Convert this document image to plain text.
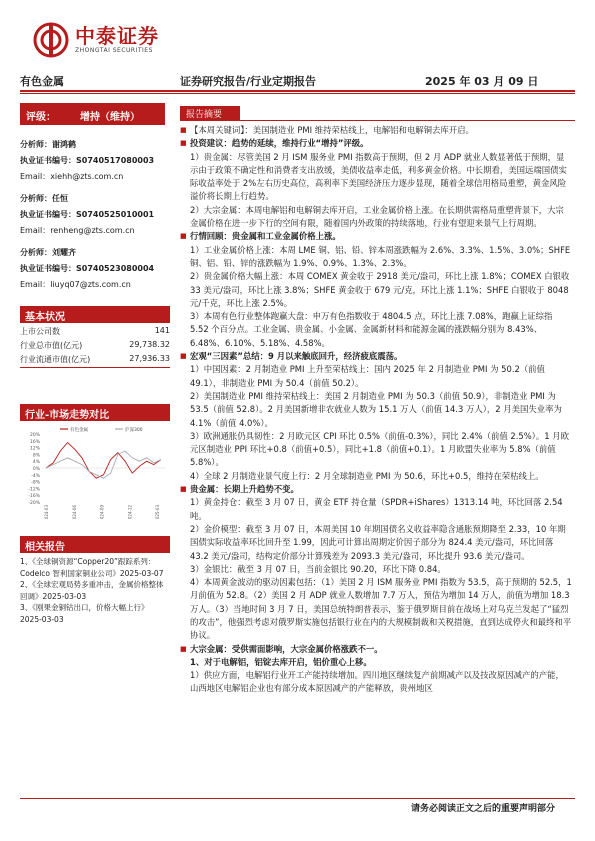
中泰证券
ZHONGTAI SECURITIES
有色金属	证券研究报告/行业定期报告	2025 年 03 月 09 日
评级： 增持（维持）
分析师：谢鸿鹤
执业证书编号：S0740517080003
Email：xiehh@zts.com.cn
分析师：任恒
执业证书编号：S0740525010001
Email：renheng@zts.com.cn
分析师：刘耀齐
执业证书编号：S0740523080004
Email：liuyq07@zts.com.cn
基本状况
上市公司数	141
行业总市值(亿元)	29,738.32
行业流通市值(亿元)	27,936.33
行业-市场走势对比
20%
16%
12%
8%
4%
0%
-4%
-8%
-12%
-16%
-20%
2024-03	2024-06	2024-09	2024-12	2025-03
有色金属	沪深300
相关报告
1、《全球铜资源“Copper20”跟踪系列：Codelco 智利国家铜业公司》2025-03-07
2、《全球宏观局势多重冲击，金属价格整体回调》2025-03-03
3、《刚果金铜钴出口，价格大幅上行》2025-03-03
报告摘要
■ 【本周关键词】：美国制造业 PMI 维持荣枯线上，电解铝和电解铜去库开启。
■ 投资建议：趋势的延续，维持行业“增持”评级。
1）贵金属：尽管美国 2 月 ISM 服务业 PMI 指数高于预期，但 2 月 ADP 就业人数显著低于预期，显示由于政策不确定性和消费者支出放缓，美债收益率走低，利多黄金价格。中长期看，美国远端国债实际收益率处于 2%左右历史高位，高利率下美国经济压力逐步显现，随着全球信用格局重塑，黄金风险溢价将长期上行趋势。
2）大宗金属：本周电解铝和电解铜去库开启，工业金属价格上涨。在长期供需格局重塑背景下，大宗金属价格在进一步下行的空间有限，随着国内外政策的持续落地，行业有望迎来景气上行周期。
■ 行情回顾：贵金属和工业金属价格上涨。
1）工业金属价格上涨：本周 LME 铜、铝、铅、锌本周涨跌幅为 2.6%、3.3%、1.5%、3.0%；SHFE 铜、铝、铅、锌的涨跌幅为 1.9%、0.9%、1.3%、2.3%。
2）贵金属价格大幅上涨：本周 COMEX 黄金收于 2918 美元/盎司，环比上涨 1.8%；COMEX 白银收 33 美元/盎司，环比上涨 3.8%；SHFE 黄金收于 679 元/克，环比上涨 1.1%；SHFE 白银收于 8048 元/千克，环比上涨 2.5%。
3）本周有色行业整体跑赢大盘：申万有色指数收于 4804.5 点，环比上涨 7.08%，跑赢上证综指 5.52 个百分点。工业金属、贵金属、小金属、金属新材料和能源金属的涨跌幅分别为 8.43%、6.48%、6.10%、5.18%、4.58%。
■ 宏观“三因素”总结：9 月以来触底回升，经济疲底震荡。
1）中国因素：2 月制造业 PMI 上升至荣枯线上：国内 2025 年 2 月制造业 PMI 为 50.2（前值 49.1），非制造业 PMI 为 50.4（前值 50.2）。
2）美国制造业 PMI 维持荣枯线上：美国 2 月制造业 PMI 为 50.3（前值 50.9），非制造业 PMI 为 53.5（前值 52.8）。2 月美国新增非农就业人数为 15.1 万人（前值 14.3 万人），2 月美国失业率为 4.1%（前值 4.0%）。
3）欧洲通胀仍具韧性：2 月欧元区 CPI 环比 0.5%（前值-0.3%），同比 2.4%（前值 2.5%）。1 月欧元区制造业 PPI 环比+0.8（前值+0.5），同比+1.8（前值+0.1）。1 月欧盟失业率为 5.8%（前值 5.8%）。
4）全球 2 月制造业景气度上行：2 月全球制造业 PMI 为 50.6，环比+0.5，维持在荣枯线上。
■ 贵金属：长期上升趋势不变。
1）黄金持仓：截至 3 月 07 日，黄金 ETF 持仓量（SPDR+iShares）1313.14 吨，环比回落 2.54 吨。
2）金价模型：截至 3 月 07 日，本周美国 10 年期国债名义收益率隐含通胀预期降至 2.33，10 年期国债实际收益率环比回升至 1.99，因此可计算出周期定价因子部分为 824.4 美元/盎司，环比回落 43.2 美元/盎司，结构定价部分计算残差为 2093.3 美元/盎司，环比提升 93.6 美元/盎司。
3）金银比：截至 3 月 07 日，当前金银比 90.20，环比下降 0.84。
4）本周黄金波动的驱动因素包括：（1）美国 2 月 ISM 服务业 PMI 指数为 53.5，高于预期的 52.5，1 月前值为 52.8。（2）美国 2 月 ADP 就业人数增加 7.7 万人，预估为增加 14 万人，前值为增加 18.3 万人。（3）当地时间 3 月 7 日，美国总统特朗普表示，鉴于俄罗斯目前在战场上对乌克兰发起了“猛烈的攻击”，他强烈考虑对俄罗斯实施包括银行业在内的大规模制裁和关税措施，直到达成停火和最终和平协议。
■ 大宗金属：受供需面影响，大宗金属价格涨跌不一。
1、对于电解铝，铝锭去库开启，铝价重心上移。
1）供应方面，电解铝行业开工产能持续增加。四川地区继续复产前期减产以及技改原因减产的产能，山西地区电解铝企业也有部分成本原因减产的产能释放，贵州地区
请务必阅读正文之后的重要声明部分
